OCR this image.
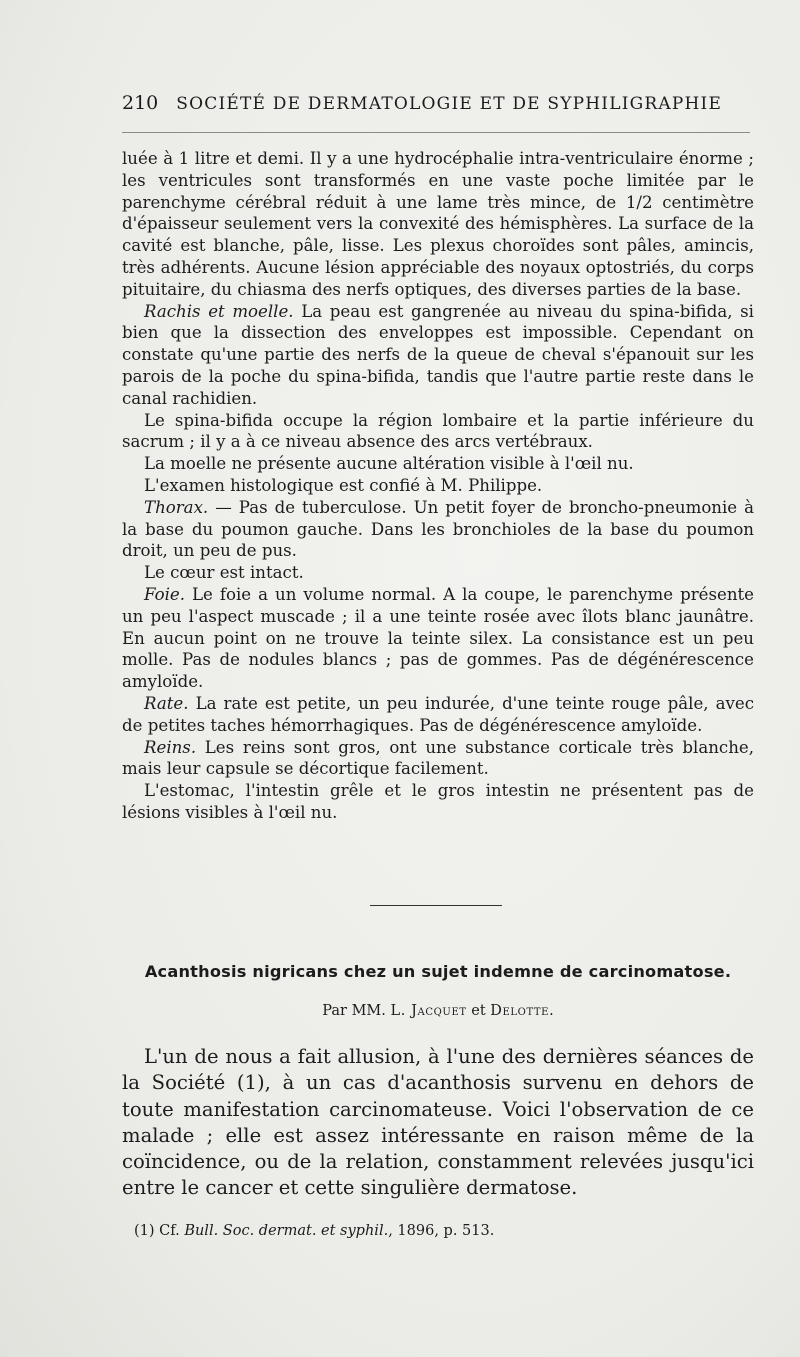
210 SOCIÉTÉ DE DERMATOLOGIE ET DE SYPHILIGRAPHIE

luée à 1 litre et demi. Il y a une hydrocéphalie intra-ventriculaire énorme ; les ventricules sont transformés en une vaste poche limitée par le parenchyme cérébral réduit à une lame très mince, de 1/2 centimètre d'épaisseur seulement vers la convexité des hémisphères. La surface de la cavité est blanche, pâle, lisse. Les plexus choroïdes sont pâles, amincis, très adhérents. Aucune lésion appréciable des noyaux optostriés, du corps pituitaire, du chiasma des nerfs optiques, des diverses parties de la base.

Rachis et moelle. La peau est gangrenée au niveau du spina-bifida, si bien que la dissection des enveloppes est impossible. Cependant on constate qu'une partie des nerfs de la queue de cheval s'épanouit sur les parois de la poche du spina-bifida, tandis que l'autre partie reste dans le canal rachidien.

Le spina-bifida occupe la région lombaire et la partie inférieure du sacrum ; il y a à ce niveau absence des arcs vertébraux.

La moelle ne présente aucune altération visible à l'œil nu.

L'examen histologique est confié à M. Philippe.

Thorax. — Pas de tuberculose. Un petit foyer de broncho-pneumonie à la base du poumon gauche. Dans les bronchioles de la base du poumon droit, un peu de pus.

Le cœur est intact.

Foie. Le foie a un volume normal. A la coupe, le parenchyme présente un peu l'aspect muscade ; il a une teinte rosée avec îlots blanc jaunâtre. En aucun point on ne trouve la teinte silex. La consistance est un peu molle. Pas de nodules blancs ; pas de gommes. Pas de dégénérescence amyloïde.

Rate. La rate est petite, un peu indurée, d'une teinte rouge pâle, avec de petites taches hémorrhagiques. Pas de dégénérescence amyloïde.

Reins. Les reins sont gros, ont une substance corticale très blanche, mais leur capsule se décortique facilement.

L'estomac, l'intestin grêle et le gros intestin ne présentent pas de lésions visibles à l'œil nu.

Acanthosis nigricans chez un sujet indemne de carcinomatose.
Par MM. L. Jacquet et Delotte.

L'un de nous a fait allusion, à l'une des dernières séances de la Société (1), à un cas d'acanthosis survenu en dehors de toute manifestation carcinomateuse. Voici l'observation de ce malade ; elle est assez intéressante en raison même de la coïncidence, ou de la relation, constamment relevées jusqu'ici entre le cancer et cette singulière dermatose.

(1) Cf. Bull. Soc. dermat. et syphil., 1896, p. 513.
